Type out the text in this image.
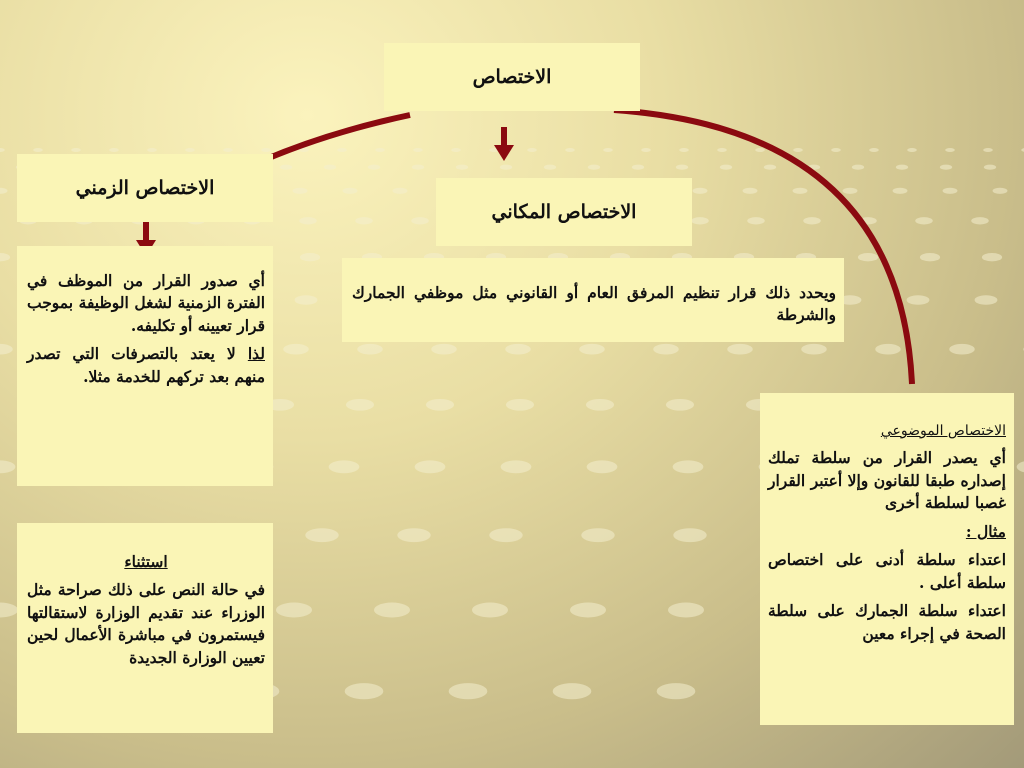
الاختصاص
الاختصاص الزمني
الاختصاص المكاني

ويحدد ذلك قرار تنظيم المرفق العام أو القانوني مثل موظفي الجمارك والشرطة

أي صدور القرار من الموظف في الفترة الزمنية لشغل الوظيفة بموجب قرار تعيينه أو تكليفه.

لذا لا يعتد بالتصرفات التي تصدر منهم بعد تركهم للخدمة مثلا.

استثناء

في حالة النص على ذلك صراحة مثل الوزراء عند تقديم الوزارة لاستقالتها فيستمرون في مباشرة الأعمال لحين تعيين الوزارة الجديدة

الاختصاص الموضوعي

أي يصدر القرار من سلطة تملك إصداره طبقا للقانون وإلا أعتبر القرار غصبا لسلطة أخرى

مثال :

اعتداء سلطة أدنى على اختصاص سلطة أعلى .

اعتداء سلطة الجمارك على سلطة الصحة في إجراء معين
